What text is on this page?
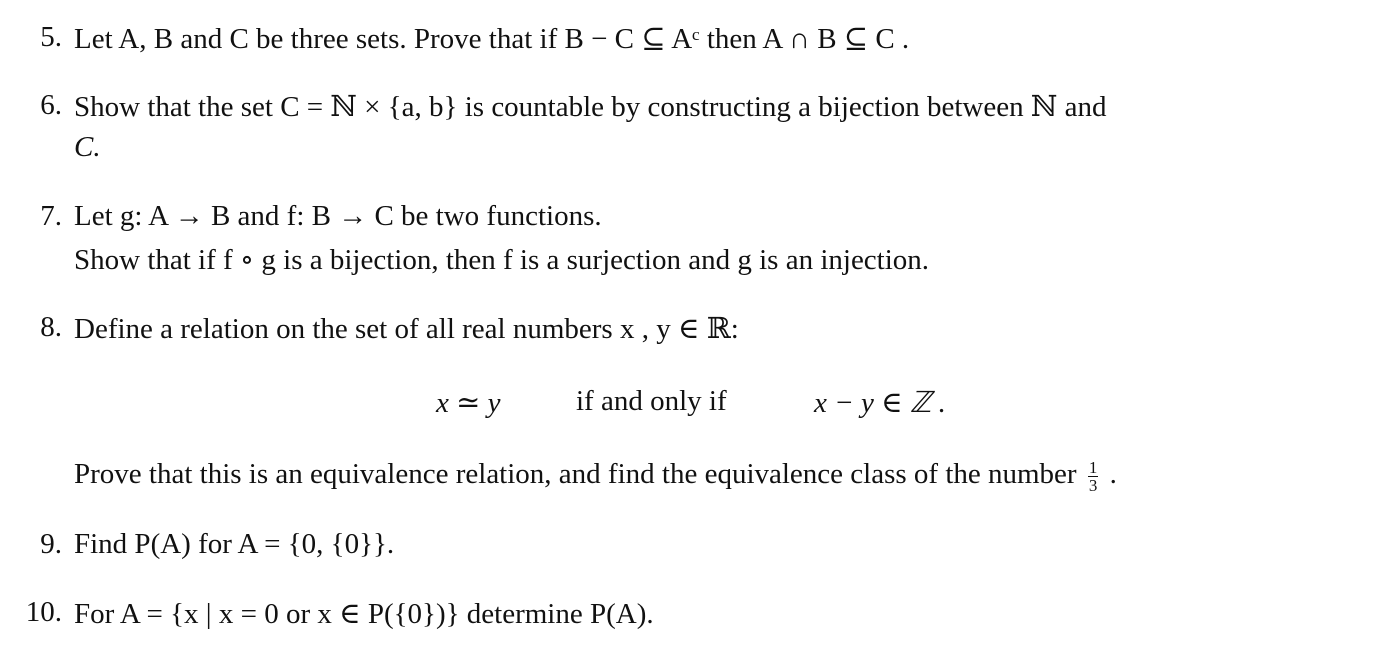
5. Let A, B and C be three sets. Prove that if B − C ⊆ Aᶜ then A ∩ B ⊆ C .
6. Show that the set C = ℕ × {a, b} is countable by constructing a bijection between ℕ and
C.
7. Let g: A → B and f: B → C be two functions.
Show that if f ∘ g is a bijection, then f is a surjection and g is an injection.
8. Define a relation on the set of all real numbers x , y ∈ ℝ:
x ≃ y	if and only if	x − y ∈ ℤ .
Prove that this is an equivalence relation, and find the equivalence class of the number $\frac{1}{3}$ .
9. Find P(A) for A = {0, {0}}.
10. For A = {x | x = 0 or x ∈ P({0})} determine P(A).
